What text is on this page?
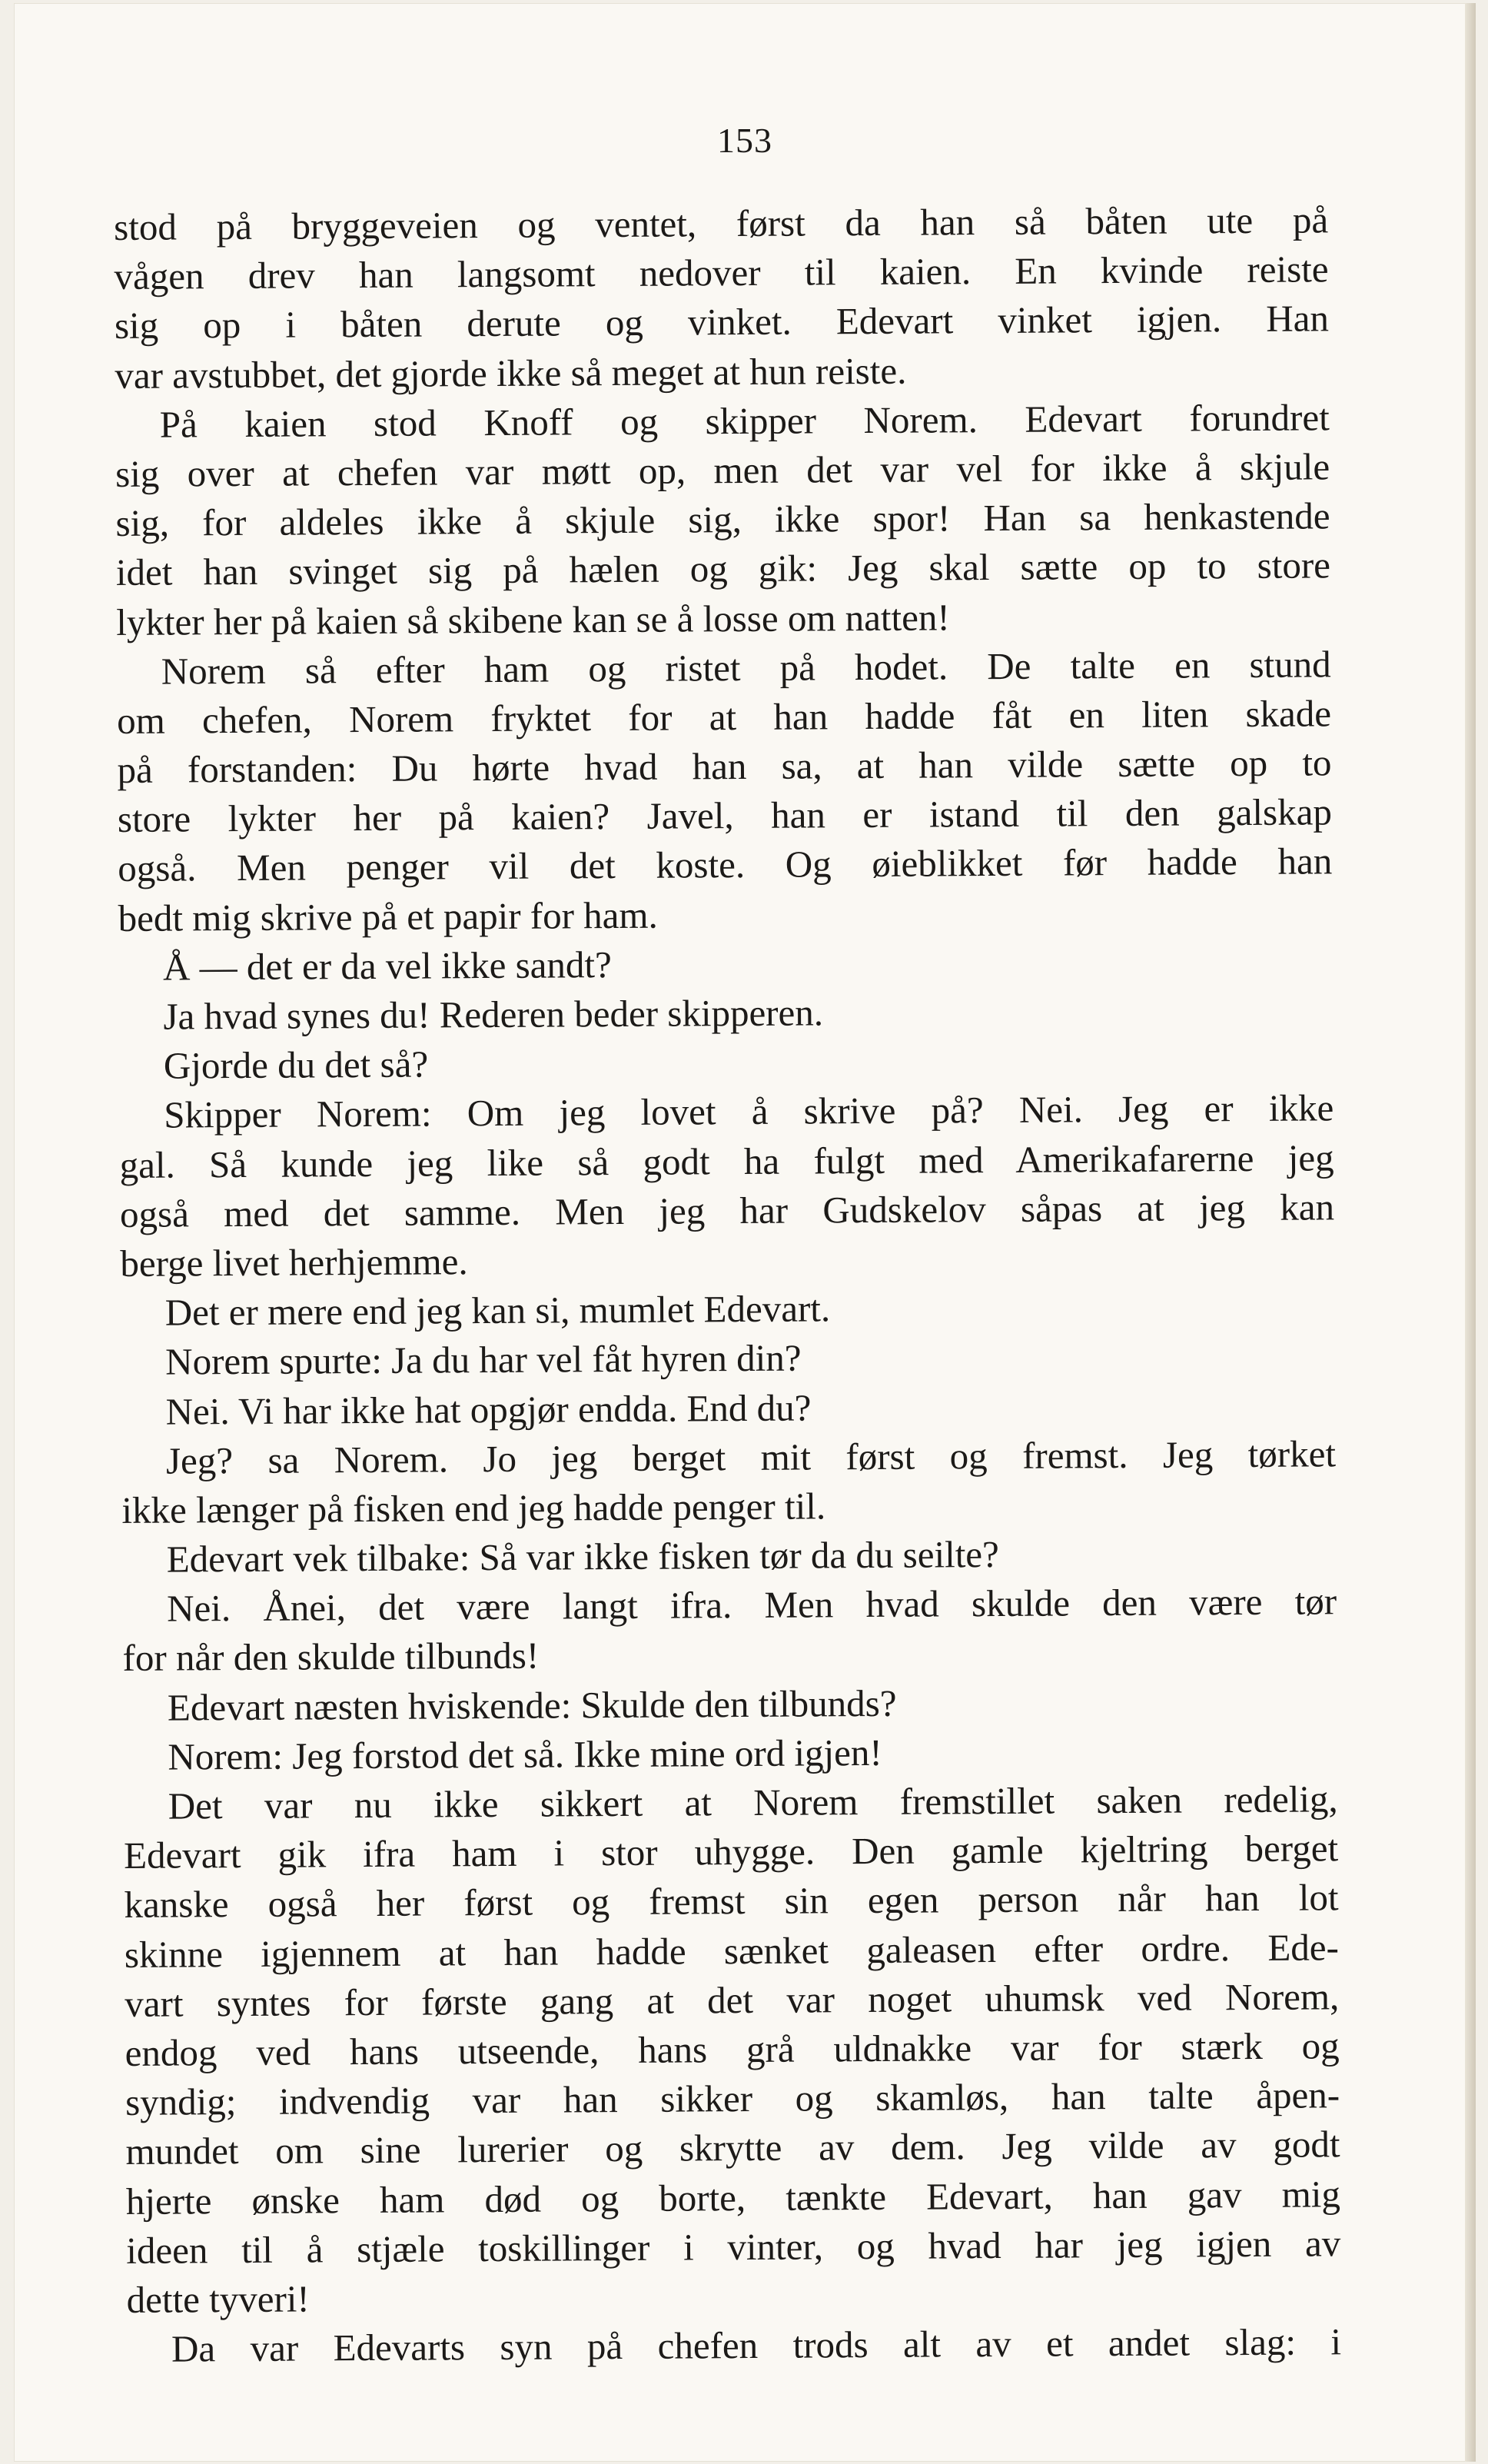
153
stod på bryggeveien og ventet, først da han så båten ute på
vågen drev han langsomt nedover til kaien. En kvinde reiste
sig op i båten derute og vinket. Edevart vinket igjen. Han
var avstubbet, det gjorde ikke så meget at hun reiste.
På kaien stod Knoff og skipper Norem. Edevart forundret
sig over at chefen var møtt op, men det var vel for ikke å skjule
sig, for aldeles ikke å skjule sig, ikke spor! Han sa henkastende
idet han svinget sig på hælen og gik: Jeg skal sætte op to store
lykter her på kaien så skibene kan se å losse om natten!
Norem så efter ham og ristet på hodet. De talte en stund
om chefen, Norem fryktet for at han hadde fåt en liten skade
på forstanden: Du hørte hvad han sa, at han vilde sætte op to
store lykter her på kaien? Javel, han er istand til den galskap
også. Men penger vil det koste. Og øieblikket før hadde han
bedt mig skrive på et papir for ham.
Å — det er da vel ikke sandt?
Ja hvad synes du! Rederen beder skipperen.
Gjorde du det så?
Skipper Norem: Om jeg lovet å skrive på? Nei. Jeg er ikke
gal. Så kunde jeg like så godt ha fulgt med Amerikafarerne jeg
også med det samme. Men jeg har Gudskelov såpas at jeg kan
berge livet herhjemme.
Det er mere end jeg kan si, mumlet Edevart.
Norem spurte: Ja du har vel fåt hyren din?
Nei. Vi har ikke hat opgjør endda. End du?
Jeg? sa Norem. Jo jeg berget mit først og fremst. Jeg tørket
ikke længer på fisken end jeg hadde penger til.
Edevart vek tilbake: Så var ikke fisken tør da du seilte?
Nei. Ånei, det være langt ifra. Men hvad skulde den være tør
for når den skulde tilbunds!
Edevart næsten hviskende: Skulde den tilbunds?
Norem: Jeg forstod det så. Ikke mine ord igjen!
Det var nu ikke sikkert at Norem fremstillet saken redelig,
Edevart gik ifra ham i stor uhygge. Den gamle kjeltring berget
kanske også her først og fremst sin egen person når han lot
skinne igjennem at han hadde sænket galeasen efter ordre. Ede-
vart syntes for første gang at det var noget uhumsk ved Norem,
endog ved hans utseende, hans grå uldnakke var for stærk og
syndig; indvendig var han sikker og skamløs, han talte åpen-
mundet om sine lurerier og skrytte av dem. Jeg vilde av godt
hjerte ønske ham død og borte, tænkte Edevart, han gav mig
ideen til å stjæle toskillinger i vinter, og hvad har jeg igjen av
dette tyveri!
Da var Edevarts syn på chefen trods alt av et andet slag: i
